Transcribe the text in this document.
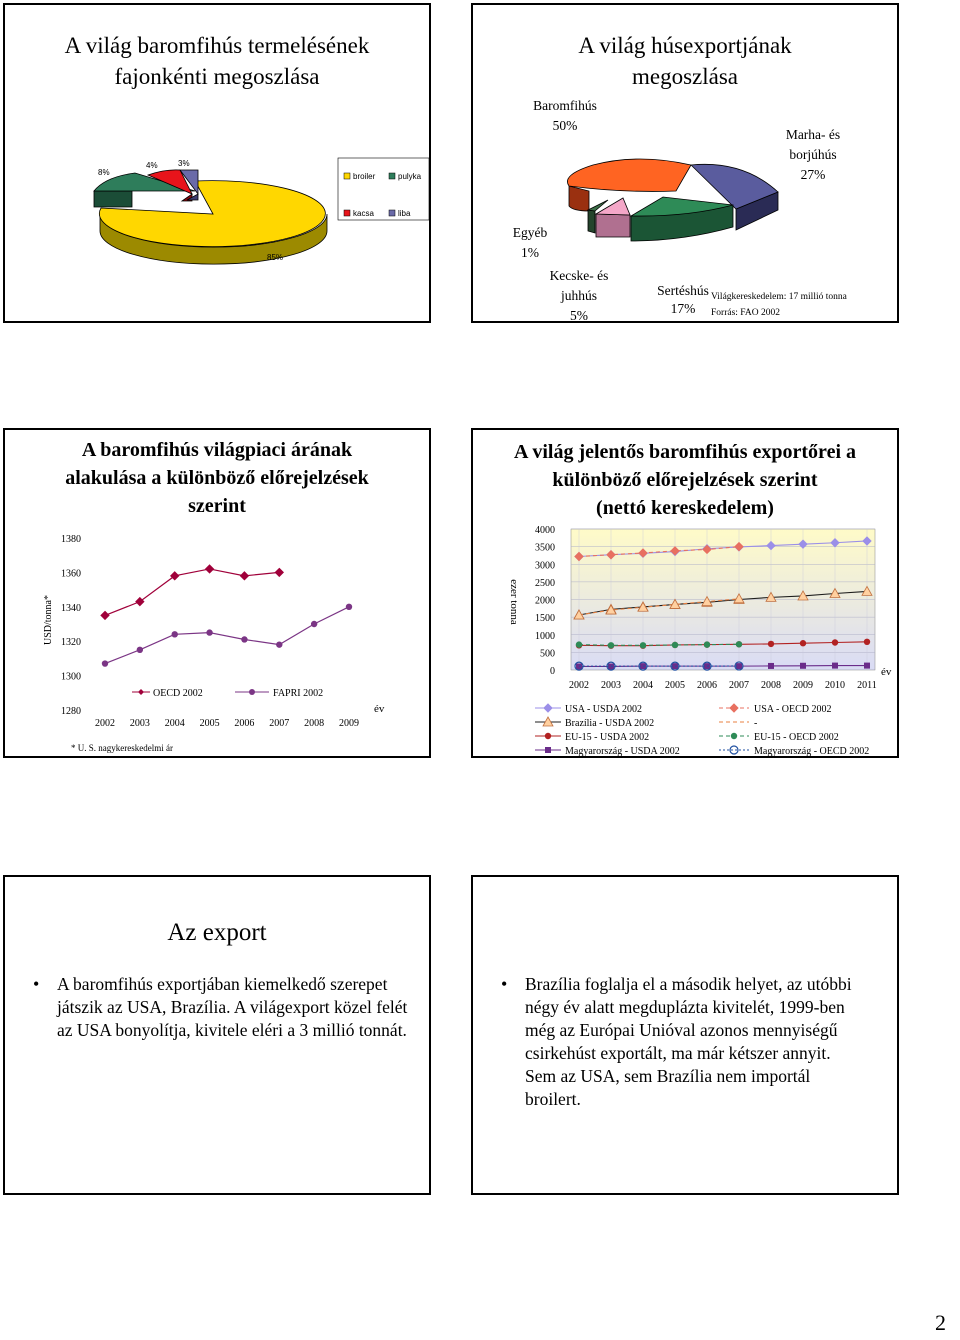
A világ baromfihús termelésének
fajonkénti megoszlása
8%
4%	3%
85%
broiler	pulyka
kacsa	liba
A világ húsexportjának
megoszlása
Baromfihús
50%
Marha- és
borjúhús
27%
Egyéb
1%
Kecske- és
juhhús
5%
Sertéshús
17%
Világkereskedelem: 17 millió tonna
Forrás: FAO 2002
A baromfihús világpiaci árának
alakulása a különböző előrejelzések
szerint
USD/tonna*
év
* U. S. nagykereskedelmi ár
OECD 2002	FAPRI 2002
1280
1300
1320
1340
1360
1380
2002 2003 2004 2005 2006 2007 2008 2009
A világ jelentős baromfihús exportőrei a
különböző előrejelzések szerint
(nettó kereskedelem)
ezer tonna
év
USA - USDA 2002
Brazília - USDA 2002
EU-15 - USDA 2002
Magyarország - USDA 2002
USA - OECD 2002
-
EU-15 - OECD 2002
Magyarország - OECD 2002
0
500
1000
1500
2000
2500
3000
3500
4000
2002 2003 2004 2005 2006 2007 2008 2009 2010 2011
Az export
• A baromfihús exportjában kiemelkedő szerepet játszik az USA, Brazília. A világexport közel felét az USA bonyolítja, kivitele eléri a 3 millió tonnát.
• Brazília foglalja el a második helyet, az utóbbi négy év alatt megduplázta kivitelét, 1999-ben még az Európai Unióval azonos mennyiségű csirkehúst exportált, ma már kétszer annyit. Sem az USA, sem Brazília nem importál broilert.
2
